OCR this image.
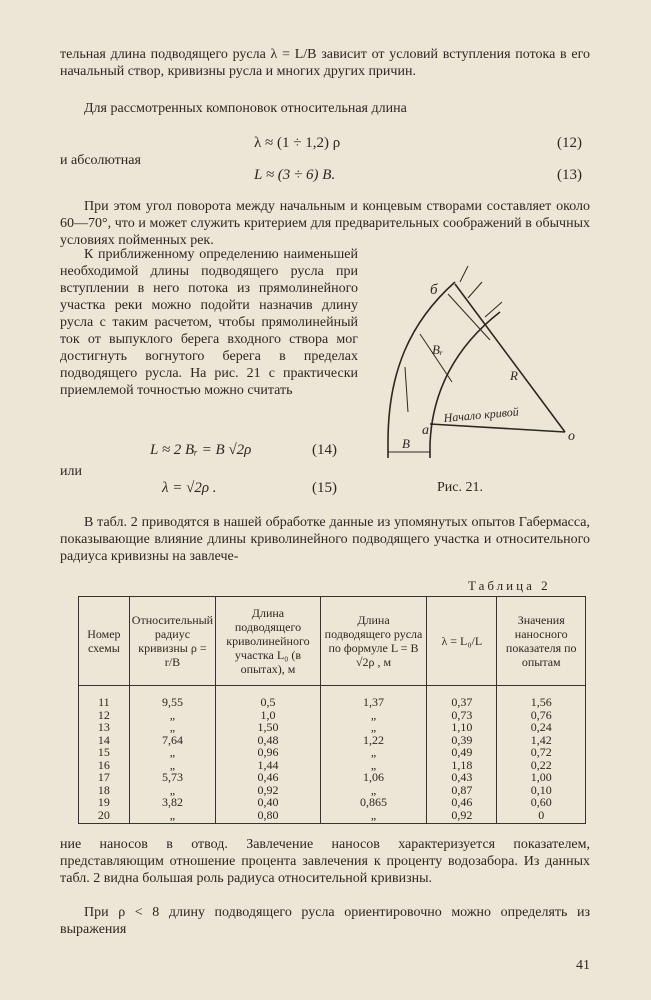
тельная длина подводящего русла λ = L/B зависит от условий вступления потока в его начальный створ, кривизны русла и многих других причин.

Для рассмотренных компоновок относительная длина

λ ≈ (1 ÷ 1,2) ρ	(12)

и абсолютная

L ≈ (3 ÷ 6) B.	(13)

При этом угол поворота между начальным и концевым створами составляет около 60—70°, что и может служить критерием для предварительных соображений в обычных условиях пойменных рек.

К приближенному определению наименьшей необходимой длины подводящего русла при вступлении в него потока из прямолинейного участка реки можно подойти назначив длину русла с таким расчетом, чтобы прямолинейный ток от выпуклого берега входного створа мог достигнуть вогнутого берега в пределах подводящего русла. На рис. 21 с практически приемлемой точностью можно считать

L ≈ 2 Bᵣ = B √2ρ	(14)

или

λ = √2ρ .	(15)
б
а	о
B
Bᵣ
R
Начало кривой
Рис. 21.

В табл. 2 приводятся в нашей обработке данные из упомянутых опытов Габермасса, показывающие влияние длины криволинейного подводящего участка и относительного радиуса кривизны на завлече-

Таблица 2
Номер схемы	Относительный радиус кривизны ρ = r/B	Длина подводящего криволинейного участка L₀ (в опытах), м	Длина подводящего русла по формуле L = B √2ρ , м	λ = L₀/L	Значения наносного показателя по опытам
11	9,55	0,5	1,37	0,37	1,56
12	„	1,0	„	0,73	0,76
13	„	1,50	„	1,10	0,24
14	7,64	0,48	1,22	0,39	1,42
15	„	0,96	„	0,49	0,72
16	„	1,44	„	1,18	0,22
17	5,73	0,46	1,06	0,43	1,00
18	„	0,92	„	0,87	0,10
19	3,82	0,40	0,865	0,46	0,60
20	„	0,80	„	0,92	0

ние наносов в отвод. Завлечение наносов характеризуется показателем, представляющим отношение процента завлечения к проценту водозабора. Из данных табл. 2 видна большая роль радиуса относительной кривизны.

При ρ < 8 длину подводящего русла ориентировочно можно определять из выражения

41
